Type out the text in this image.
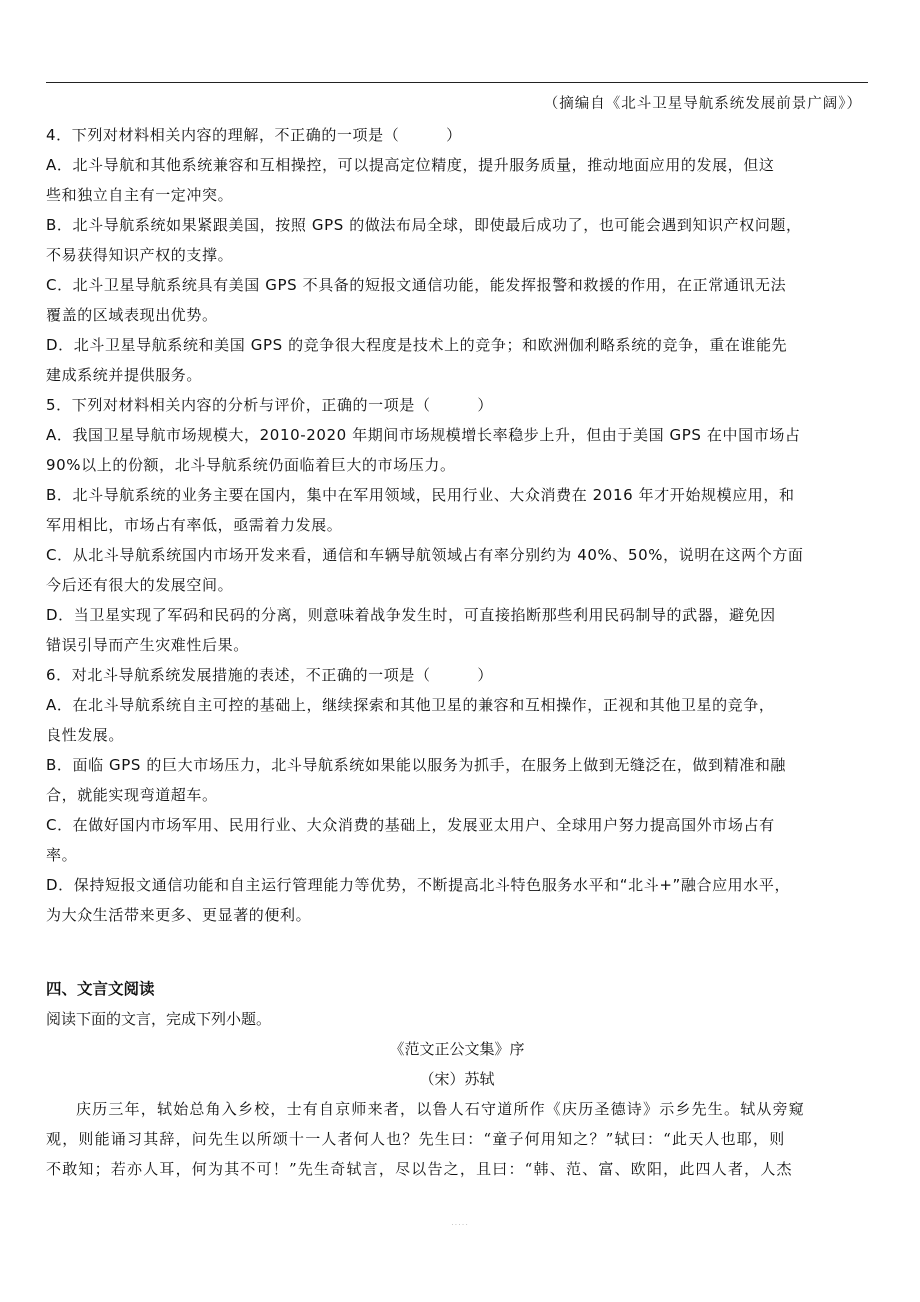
（摘编自《北斗卫星导航系统发展前景广阔》）
4．下列对材料相关内容的理解，不正确的一项是（　　　）
A．北斗导航和其他系统兼容和互相操控，可以提高定位精度，提升服务质量，推动地面应用的发展，但这
些和独立自主有一定冲突。
B．北斗导航系统如果紧跟美国，按照 GPS 的做法布局全球，即使最后成功了，也可能会遇到知识产权问题，
不易获得知识产权的支撑。
C．北斗卫星导航系统具有美国 GPS 不具备的短报文通信功能，能发挥报警和救援的作用，在正常通讯无法
覆盖的区域表现出优势。
D．北斗卫星导航系统和美国 GPS 的竞争很大程度是技术上的竞争；和欧洲伽利略系统的竞争，重在谁能先
建成系统并提供服务。
5．下列对材料相关内容的分析与评价，正确的一项是（　　　）
A．我国卫星导航市场规模大，2010-2020 年期间市场规模增长率稳步上升，但由于美国 GPS 在中国市场占
90%以上的份额，北斗导航系统仍面临着巨大的市场压力。
B．北斗导航系统的业务主要在国内，集中在军用领域，民用行业、大众消费在 2016 年才开始规模应用，和
军用相比，市场占有率低，亟需着力发展。
C．从北斗导航系统国内市场开发来看，通信和车辆导航领域占有率分别约为 40%、50%，说明在这两个方面
今后还有很大的发展空间。
D．当卫星实现了军码和民码的分离，则意味着战争发生时，可直接掐断那些利用民码制导的武器，避免因
错误引导而产生灾难性后果。
6．对北斗导航系统发展措施的表述，不正确的一项是（　　　）
A．在北斗导航系统自主可控的基础上，继续探索和其他卫星的兼容和互相操作，正视和其他卫星的竞争，
良性发展。
B．面临 GPS 的巨大市场压力，北斗导航系统如果能以服务为抓手，在服务上做到无缝泛在，做到精准和融
合，就能实现弯道超车。
C．在做好国内市场军用、民用行业、大众消费的基础上，发展亚太用户、全球用户努力提高国外市场占有
率。
D．保持短报文通信功能和自主运行管理能力等优势，不断提高北斗特色服务水平和“北斗+”融合应用水平，
为大众生活带来更多、更显著的便利。
四、文言文阅读
阅读下面的文言，完成下列小题。
《范文正公文集》序
（宋）苏轼
庆历三年，轼始总角入乡校，士有自京师来者，以鲁人石守道所作《庆历圣德诗》示乡先生。轼从旁窥
观，则能诵习其辞，问先生以所颂十一人者何人也？先生曰：“童子何用知之？”轼曰：“此天人也耶，则
不敢知；若亦人耳，何为其不可！”先生奇轼言，尽以告之，且曰：“韩、范、富、欧阳，此四人者，人杰
.....
